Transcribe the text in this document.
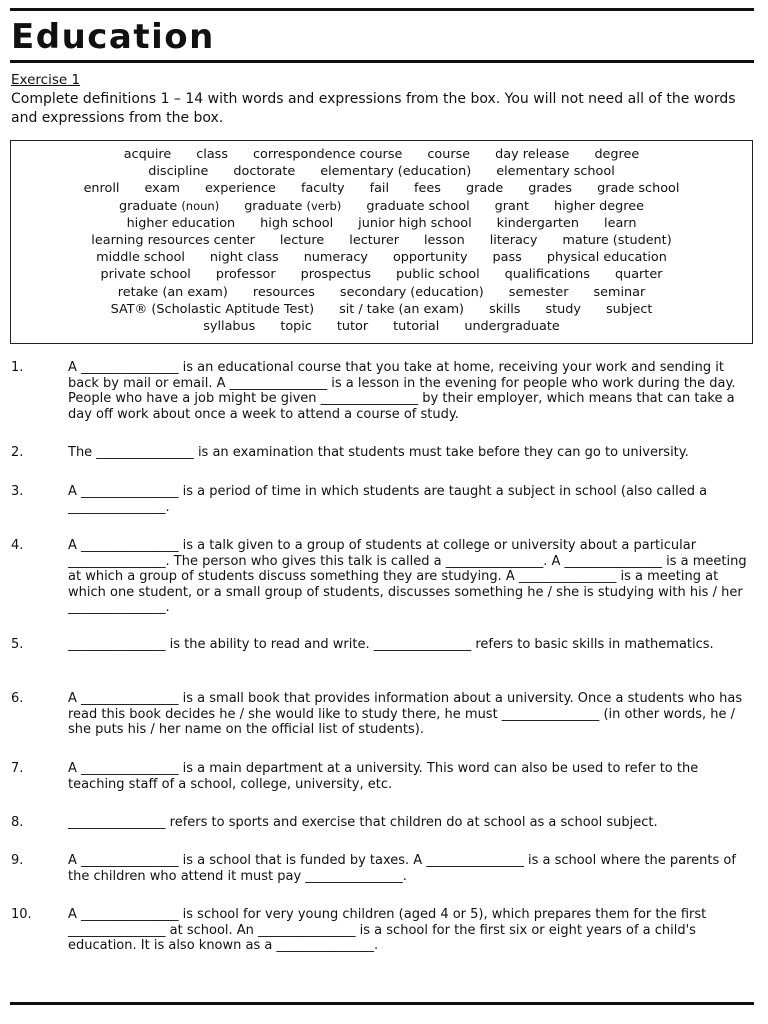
Education
Exercise 1
Complete definitions 1 – 14 with words and expressions from the box. You will not need all of the words and expressions from the box.
acquire class correspondence course course day release degree
discipline doctorate elementary (education) elementary school
enroll exam experience faculty fail fees grade grades grade school
graduate (noun) graduate (verb) graduate school grant higher degree
higher education high school junior high school kindergarten learn
learning resources center lecture lecturer lesson literacy mature (student)
middle school night class numeracy opportunity pass physical education
private school professor prospectus public school qualifications quarter
retake (an exam) resources secondary (education) semester seminar
SAT® (Scholastic Aptitude Test) sit / take (an exam) skills study subject
syllabus topic tutor tutorial undergraduate
1.	A _______________ is an educational course that you take at home, receiving your work and sending it back by mail or email. A _______________ is a lesson in the evening for people who work during the day. People who have a job might be given _______________ by their employer, which means that can take a day off work about once a week to attend a course of study.
2.	The _______________ is an examination that students must take before they can go to university.
3.	A _______________ is a period of time in which students are taught a subject in school (also called a _______________.
4.	A _______________ is a talk given to a group of students at college or university about a particular _______________. The person who gives this talk is called a _______________. A _______________ is a meeting at which a group of students discuss something they are studying. A _______________ is a meeting at which one student, or a small group of students, discusses something he / she is studying with his / her _______________.
5.	_______________ is the ability to read and write. _______________ refers to basic skills in mathematics.
6.	A _______________ is a small book that provides information about a university. Once a students who has read this book decides he / she would like to study there, he must _______________ (in other words, he / she puts his / her name on the official list of students).
7.	A _______________ is a main department at a university. This word can also be used to refer to the teaching staff of a school, college, university, etc.
8.	_______________ refers to sports and exercise that children do at school as a school subject.
9.	A _______________ is a school that is funded by taxes. A _______________ is a school where the parents of the children who attend it must pay _______________.
10.	A _______________ is school for very young children (aged 4 or 5), which prepares them for the first _______________ at school. An _______________ is a school for the first six or eight years of a child's education. It is also known as a _______________.
